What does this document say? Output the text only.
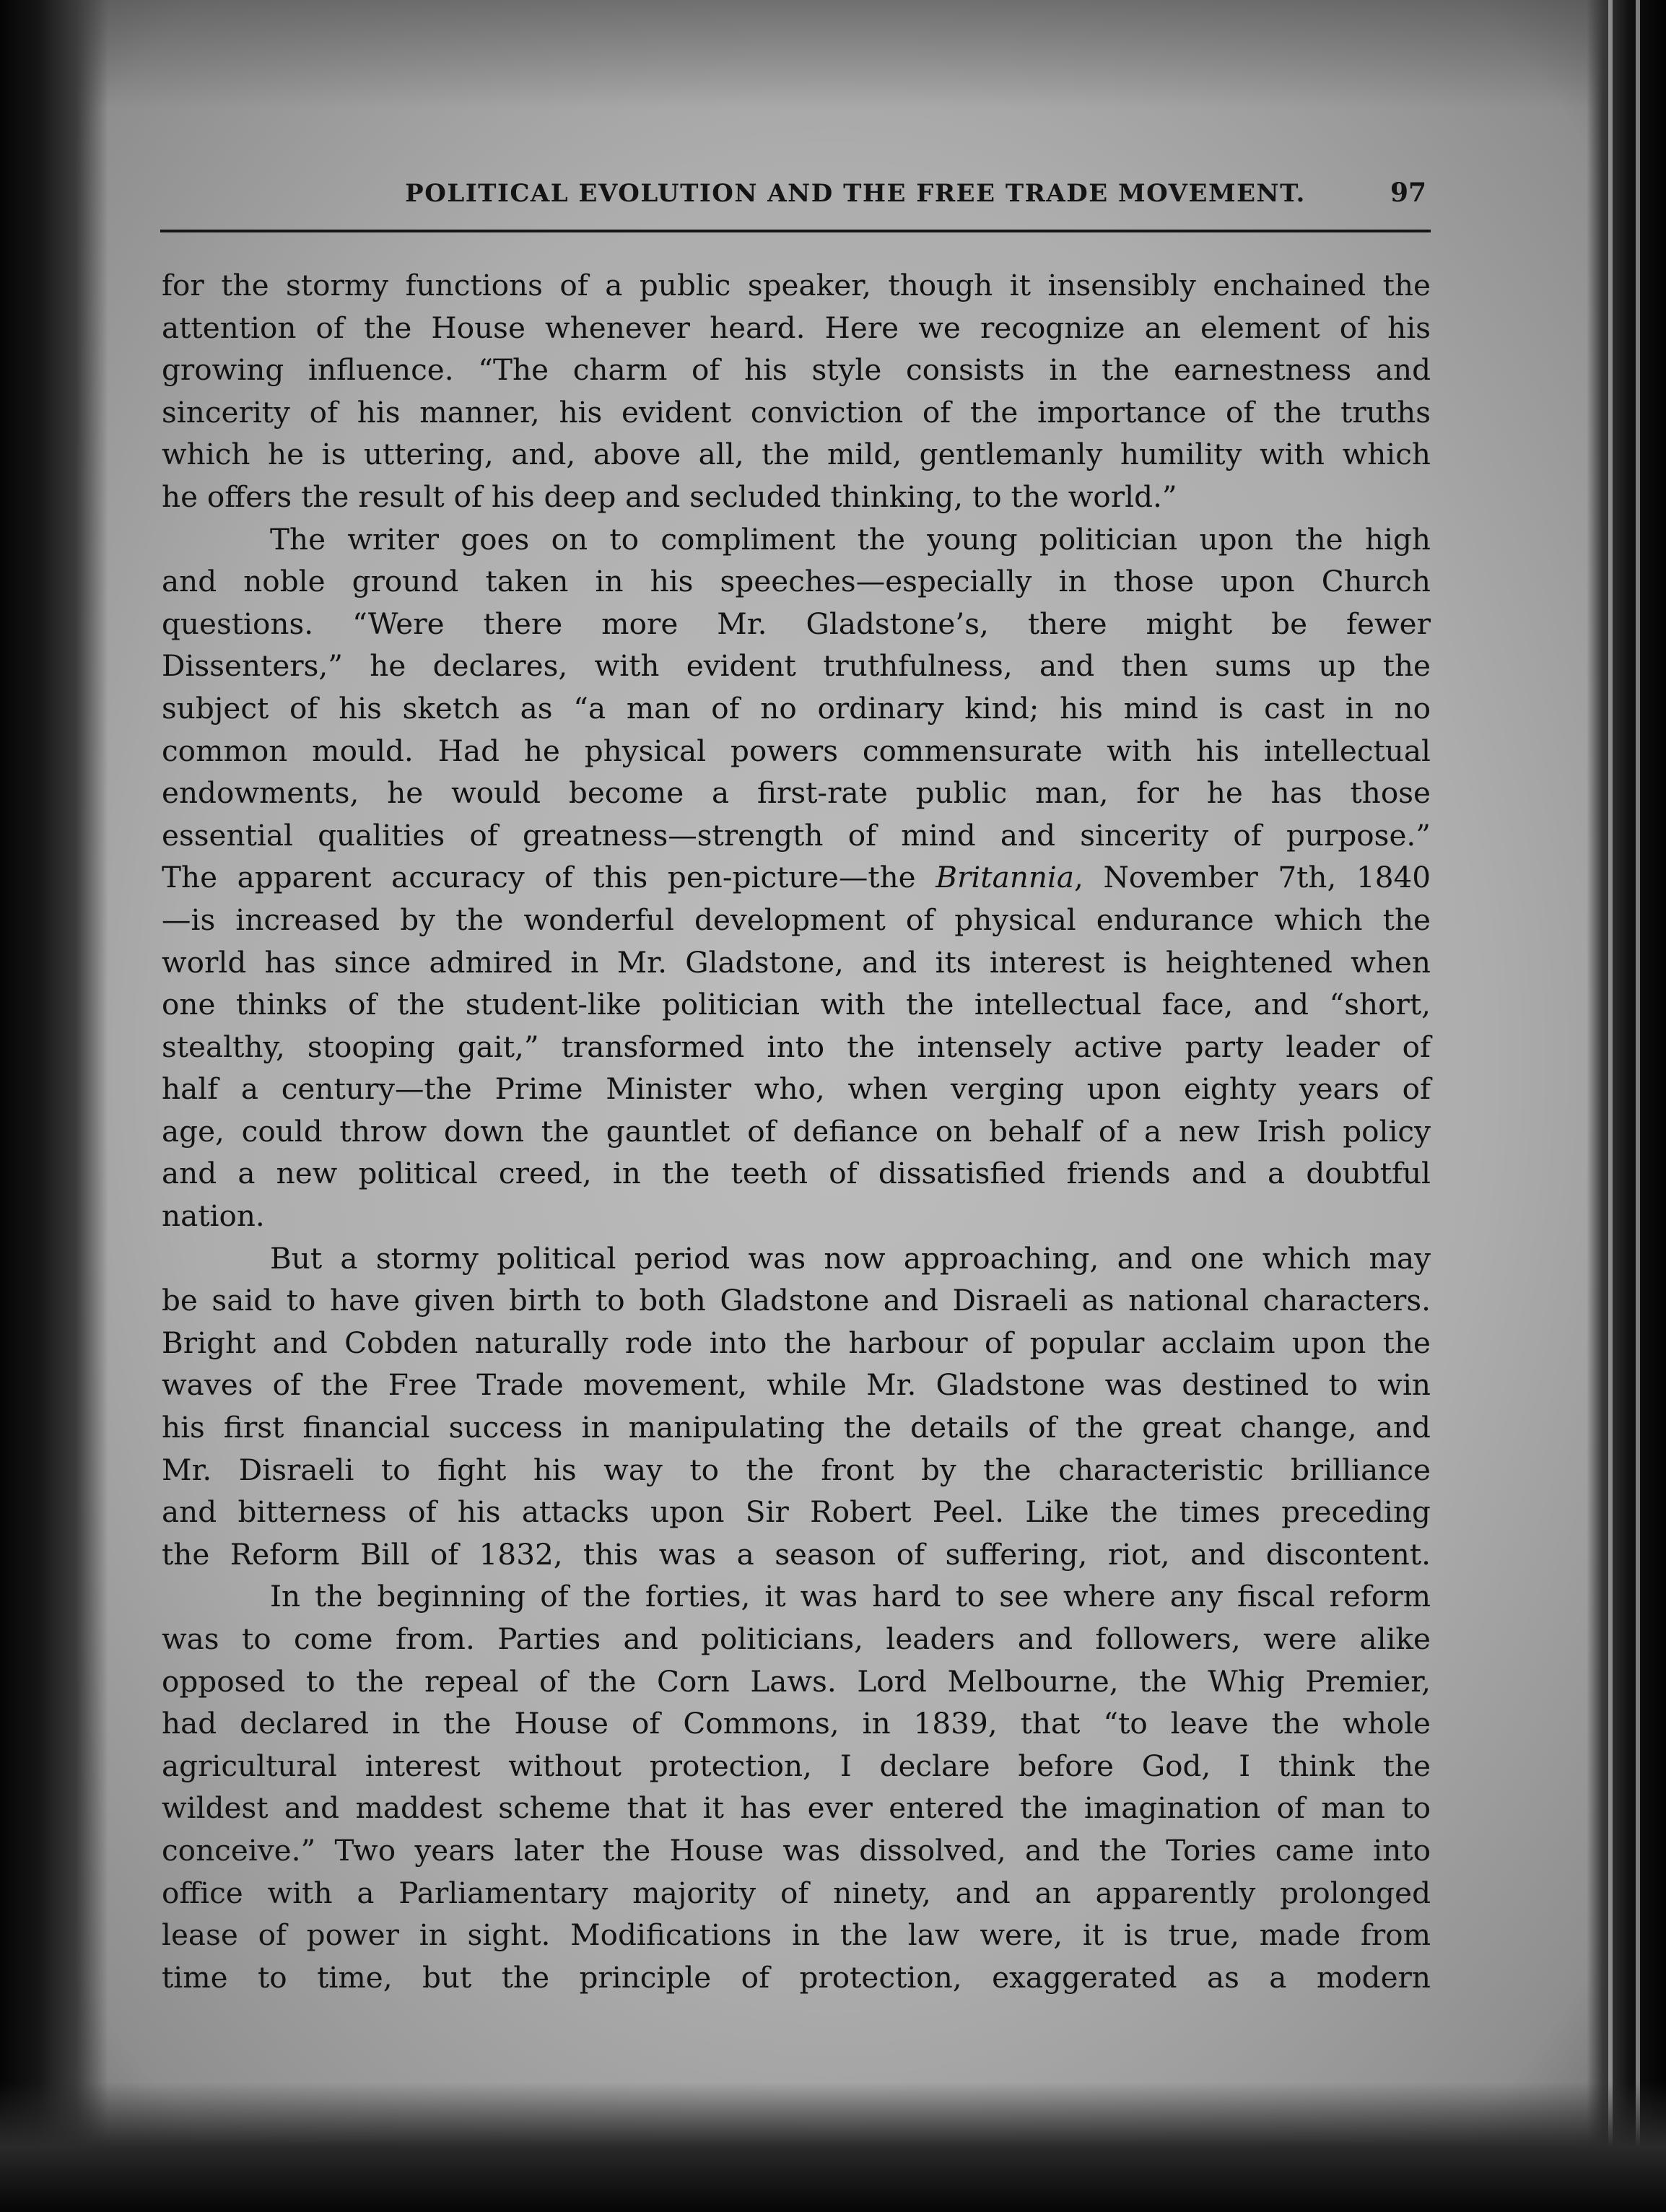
POLITICAL EVOLUTION AND THE FREE TRADE MOVEMENT.	97
for the stormy functions of a public speaker, though it insensibly enchained the
attention of the House whenever heard. Here we recognize an element of his
growing influence. “The charm of his style consists in the earnestness and
sincerity of his manner, his evident conviction of the importance of the truths
which he is uttering, and, above all, the mild, gentlemanly humility with which
he offers the result of his deep and secluded thinking, to the world.”
The writer goes on to compliment the young politician upon the high
and noble ground taken in his speeches—especially in those upon Church
questions. “Were there more Mr. Gladstone’s, there might be fewer
Dissenters,” he declares, with evident truthfulness, and then sums up the
subject of his sketch as “a man of no ordinary kind; his mind is cast in no
common mould. Had he physical powers commensurate with his intellectual
endowments, he would become a first-rate public man, for he has those
essential qualities of greatness—strength of mind and sincerity of purpose.”
The apparent accuracy of this pen-picture—the Britannia, November 7th, 1840
—is increased by the wonderful development of physical endurance which the
world has since admired in Mr. Gladstone, and its interest is heightened when
one thinks of the student-like politician with the intellectual face, and “short,
stealthy, stooping gait,” transformed into the intensely active party leader of
half a century—the Prime Minister who, when verging upon eighty years of
age, could throw down the gauntlet of defiance on behalf of a new Irish policy
and a new political creed, in the teeth of dissatisfied friends and a doubtful
nation.
But a stormy political period was now approaching, and one which may
be said to have given birth to both Gladstone and Disraeli as national characters.
Bright and Cobden naturally rode into the harbour of popular acclaim upon the
waves of the Free Trade movement, while Mr. Gladstone was destined to win
his first financial success in manipulating the details of the great change, and
Mr. Disraeli to fight his way to the front by the characteristic brilliance
and bitterness of his attacks upon Sir Robert Peel. Like the times preceding
the Reform Bill of 1832, this was a season of suffering, riot, and discontent.
In the beginning of the forties, it was hard to see where any fiscal reform
was to come from. Parties and politicians, leaders and followers, were alike
opposed to the repeal of the Corn Laws. Lord Melbourne, the Whig Premier,
had declared in the House of Commons, in 1839, that “to leave the whole
agricultural interest without protection, I declare before God, I think the
wildest and maddest scheme that it has ever entered the imagination of man to
conceive.” Two years later the House was dissolved, and the Tories came into
office with a Parliamentary majority of ninety, and an apparently prolonged
lease of power in sight. Modifications in the law were, it is true, made from
time to time, but the principle of protection, exaggerated as a modern
